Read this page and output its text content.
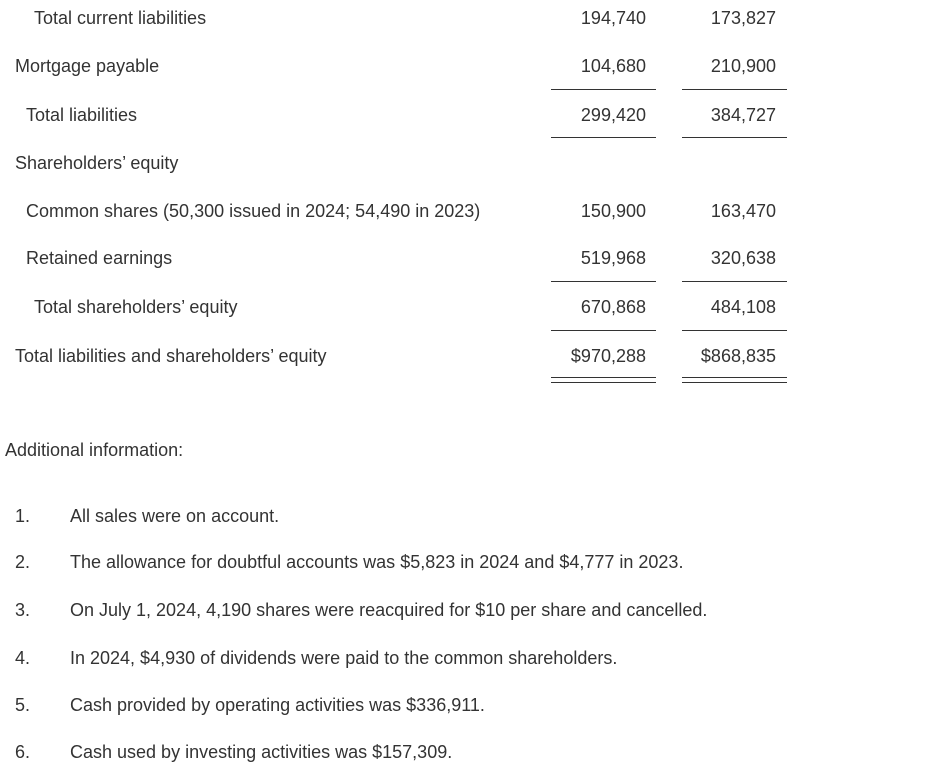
Total current liabilities	194,740	173,827
Mortgage payable	104,680	210,900
Total liabilities	299,420	384,727
Shareholders’ equity
Common shares (50,300 issued in 2024; 54,490 in 2023)	150,900	163,470
Retained earnings	519,968	320,638
Total shareholders’ equity	670,868	484,108
Total liabilities and shareholders’ equity	$970,288	$868,835
Additional information:
1.	All sales were on account.
2.	The allowance for doubtful accounts was $5,823 in 2024 and $4,777 in 2023.
3.	On July 1, 2024, 4,190 shares were reacquired for $10 per share and cancelled.
4.	In 2024, $4,930 of dividends were paid to the common shareholders.
5.	Cash provided by operating activities was $336,911.
6.	Cash used by investing activities was $157,309.
